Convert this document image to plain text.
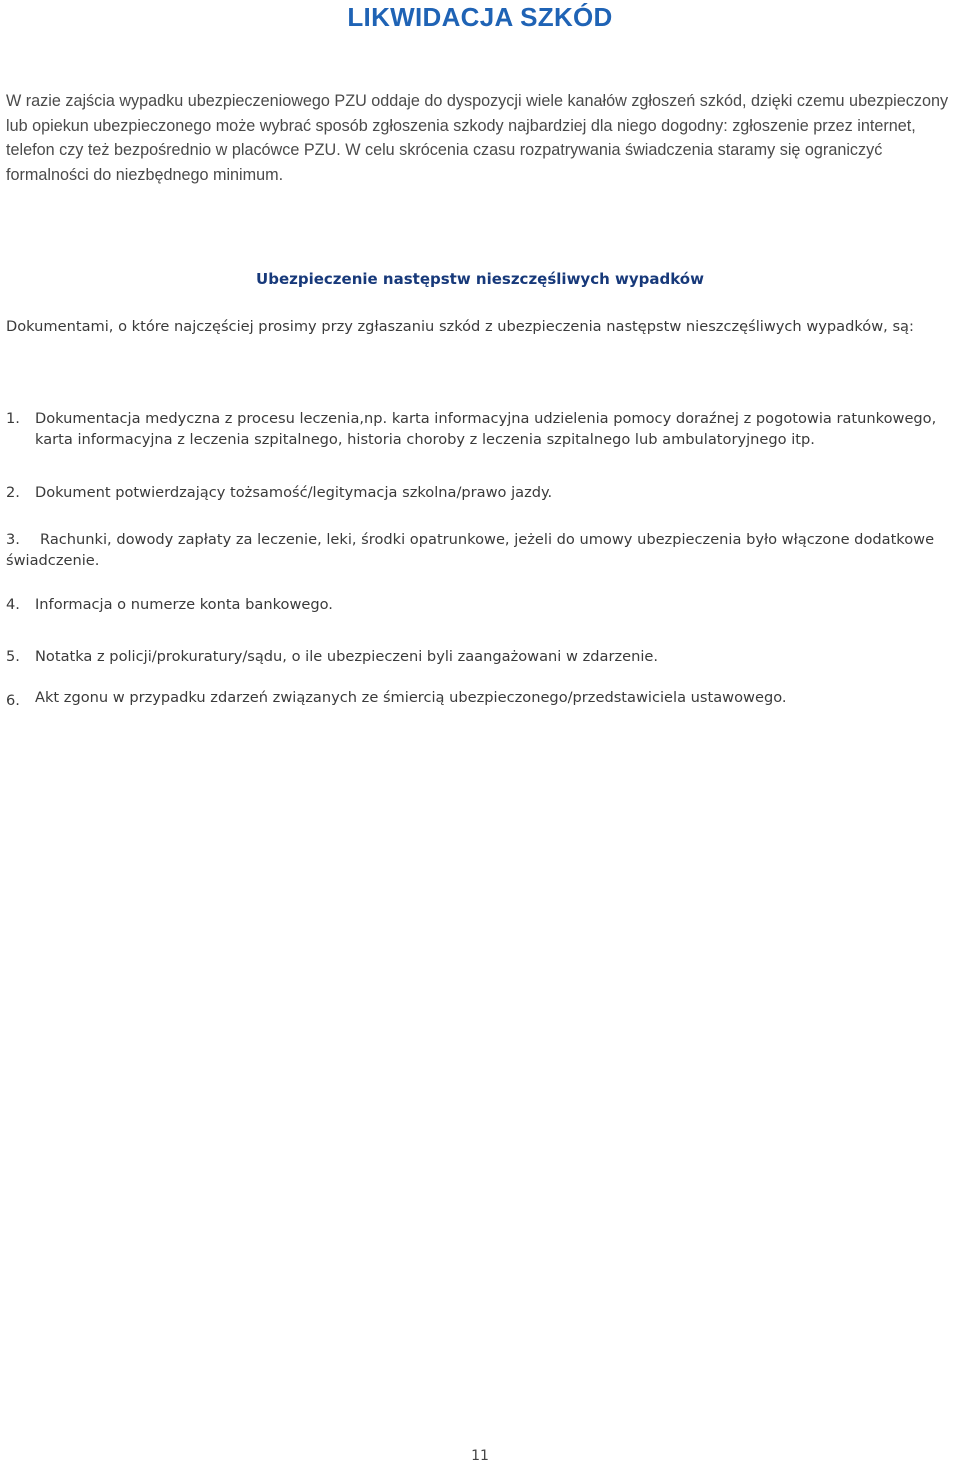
LIKWIDACJA SZKÓD

W razie zajścia wypadku ubezpieczeniowego PZU oddaje do dyspozycji wiele kanałów zgłoszeń szkód, dzięki czemu ubezpieczony lub opiekun ubezpieczonego może wybrać sposób zgłoszenia szkody najbardziej dla niego dogodny: zgłoszenie przez internet, telefon czy też bezpośrednio w placówce PZU. W celu skrócenia czasu rozpatrywania świadczenia staramy się ograniczyć formalności do niezbędnego minimum.

Ubezpieczenie następstw nieszczęśliwych wypadków

Dokumentami, o które najczęściej prosimy przy zgłaszaniu szkód z ubezpieczenia następstw nieszczęśliwych wypadków, są:

1.	Dokumentacja medyczna z procesu leczenia,np. karta informacyjna udzielenia pomocy doraźnej z pogotowia ratunkowego, karta informacyjna z leczenia szpitalnego, historia choroby z leczenia szpitalnego lub ambulatoryjnego itp.
2.	Dokument potwierdzający tożsamość/legitymacja szkolna/prawo jazdy.
3.	Rachunki, dowody zapłaty za leczenie, leki, środki opatrunkowe, jeżeli do umowy ubezpieczenia było włączone dodatkowe świadczenie.
4.	Informacja o numerze konta bankowego.
5.	Notatka z policji/prokuratury/sądu, o ile ubezpieczeni byli zaangażowani w zdarzenie.
6.	Akt zgonu w przypadku zdarzeń związanych ze śmiercią ubezpieczonego/przedstawiciela ustawowego.
11
